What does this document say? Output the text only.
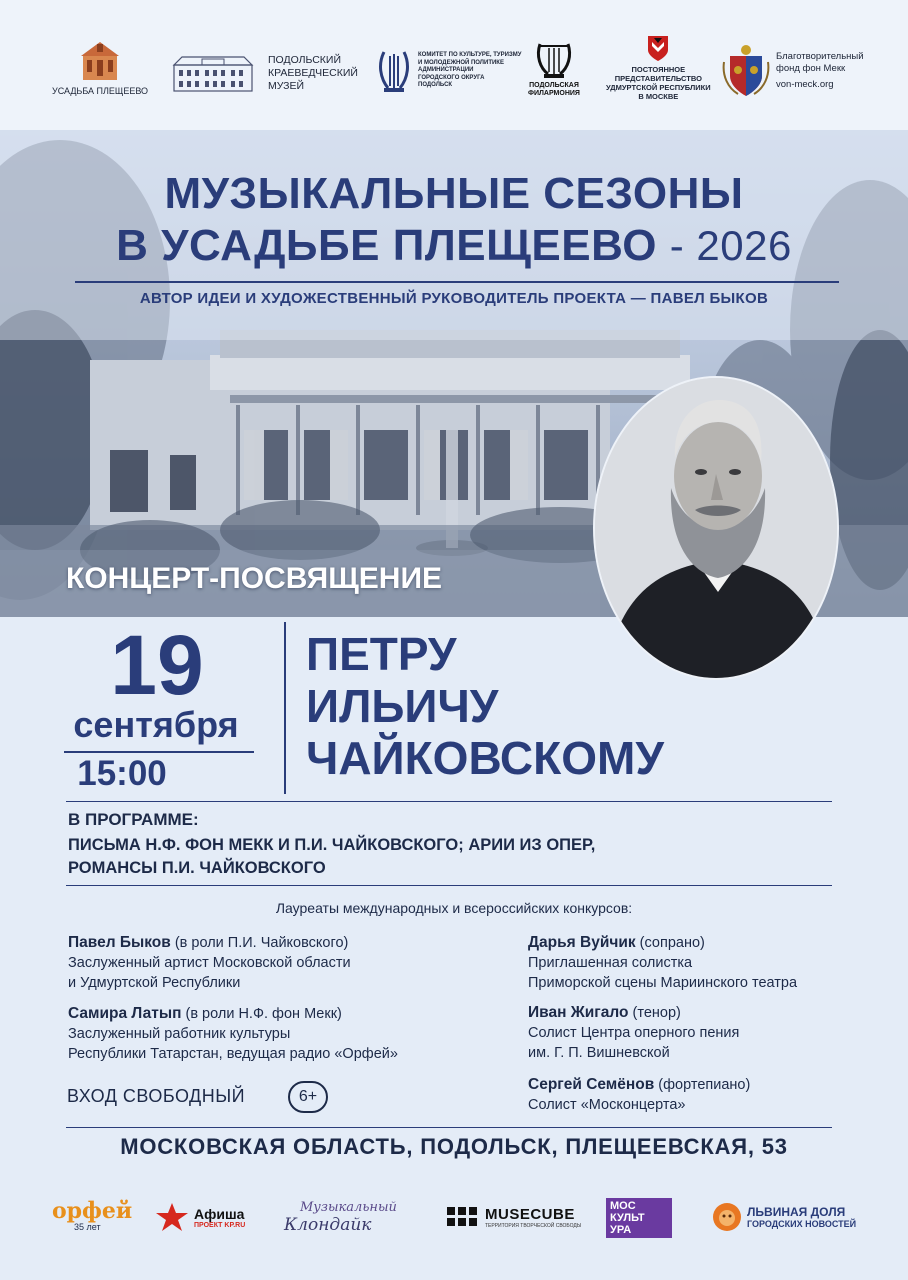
УСАДЬБА ПЛЕЩЕЕВО
ПОДОЛЬСКИЙ
КРАЕВЕДЧЕСКИЙ
МУЗЕЙ
КОМИТЕТ ПО КУЛЬТУРЕ, ТУРИЗМУ
И МОЛОДЕЖНОЙ ПОЛИТИКЕ
АДМИНИСТРАЦИИ
ГОРОДСКОГО ОКРУГА
ПОДОЛЬСК	ПОДОЛЬСКАЯ
ФИЛАРМОНИЯ
ПОСТОЯННОЕ
ПРЕДСТАВИТЕЛЬСТВО
УДМУРТСКОЙ РЕСПУБЛИКИ
В МОСКВЕ
Благотворительный
фонд фон Мекк
von-meck.org
МУЗЫКАЛЬНЫЕ СЕЗОНЫ
В УСАДЬБЕ ПЛЕЩЕЕВО - 2026
АВТОР ИДЕИ И ХУДОЖЕСТВЕННЫЙ РУКОВОДИТЕЛЬ ПРОЕКТА — ПАВЕЛ БЫКОВ
КОНЦЕРТ-ПОСВЯЩЕНИЕ
19
сентября
15:00
ПЕТРУ
ИЛЬИЧУ
ЧАЙКОВСКОМУ
В ПРОГРАММЕ:
ПИСЬМА Н.Ф. ФОН МЕКК И П.И. ЧАЙКОВСКОГО; АРИИ ИЗ ОПЕР,
РОМАНСЫ П.И. ЧАЙКОВСКОГО
Лауреаты международных и всероссийских конкурсов:
Павел Быков (в роли П.И. Чайковского)
Заслуженный артист Московской области
и Удмуртской Республики
Самира Латып (в роли Н.Ф. фон Мекк)
Заслуженный работник культуры
Республики Татарстан, ведущая радио «Орфей»
Дарья Вуйчик (сопрано)
Приглашенная солистка
Приморской сцены Мариинского театра
Иван Жигало (тенор)
Солист Центра оперного пения
им. Г. П. Вишневской
Сергей Семёнов (фортепиано)
Солист «Москонцерта»
ВХОД СВОБОДНЫЙ	6+
МОСКОВСКАЯ ОБЛАСТЬ, ПОДОЛЬСК, ПЛЕЩЕЕВСКАЯ, 53
орфей
35 лет
Афиша
ПРОЕКТ KP.RU
Музыкальный
Клондайк
MUSECUBE
ТЕРРИТОРИЯ ТВОРЧЕСКОЙ СВОБОДЫ
МОС
КУЛЬТ
УРА
ЛЬВИНАЯ ДОЛЯ
ГОРОДСКИХ НОВОСТЕЙ
